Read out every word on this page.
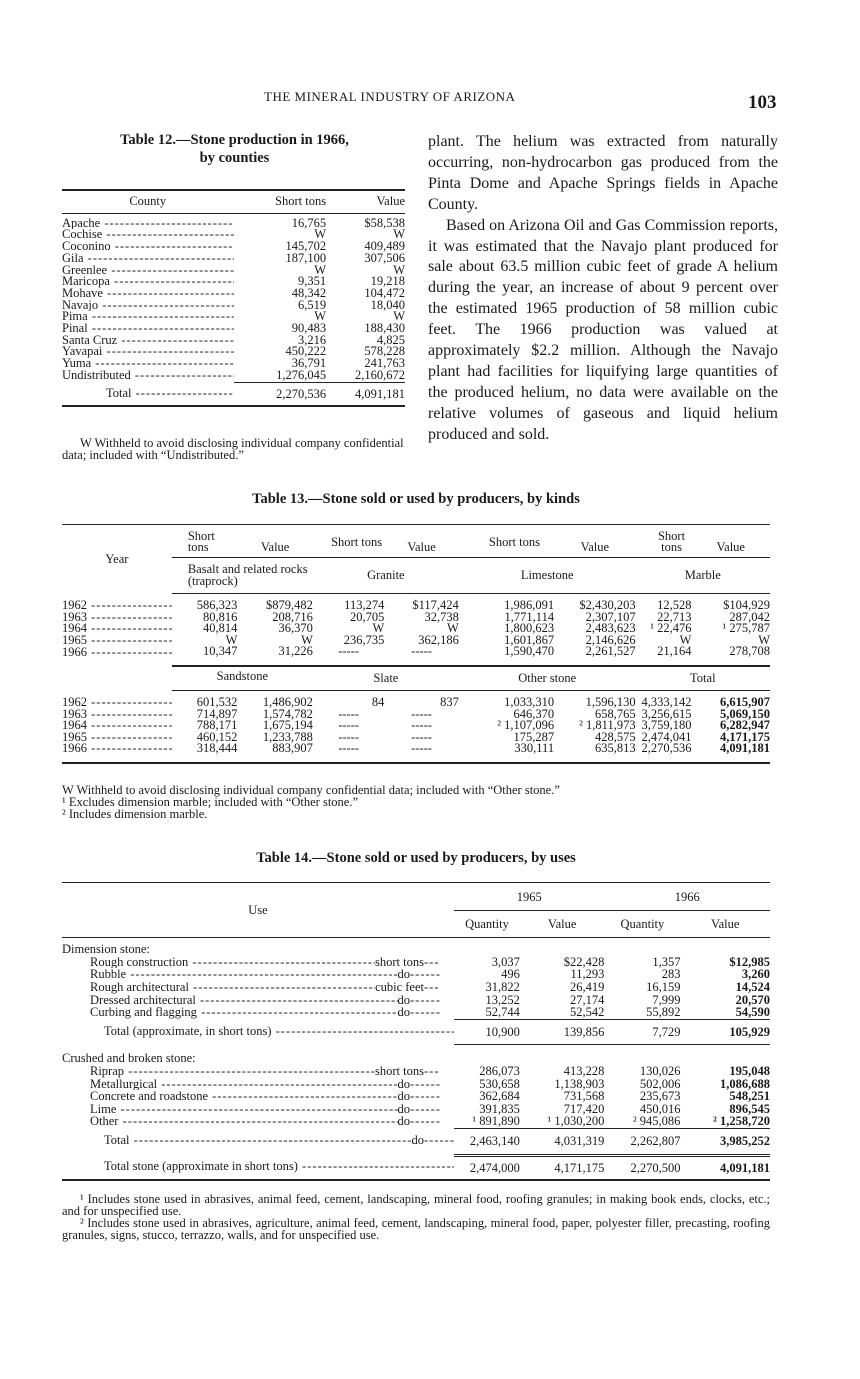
THE MINERAL INDUSTRY OF ARIZONA	103
Table 12.—Stone production in 1966,
by counties
County	Short tons	Value
Apache -----	16,765	$58,538
Cochise -----	W	W
Coconino -----	145,702	409,489
Gila -----	187,100	307,506
Greenlee -----	W	W
Maricopa -----	9,351	19,218
Mohave -----	48,342	104,472
Navajo -----	6,519	18,040
Pima -----	W	W
Pinal -----	90,483	188,430
Santa Cruz -----	3,216	4,825
Yavapai -----	450,222	578,228
Yuma -----	36,791	241,763
Undistributed -----	1,276,045	2,160,672
Total -----	2,270,536	4,091,181

W Withheld to avoid disclosing individual company confidential data; included with “Undistributed.”

plant. The helium was extracted from naturally occurring, non-hydrocarbon gas produced from the Pinta Dome and Apache Springs fields in Apache County.

Based on Arizona Oil and Gas Commission reports, it was estimated that the Navajo plant produced for sale about 63.5 million cubic feet of grade A helium during the year, an increase of about 9 percent over the estimated 1965 production of 58 million cubic feet. The 1966 production was valued at approximately $2.2 million. Although the Navajo plant had facilities for liquifying large quantities of the produced helium, no data were available on the relative volumes of gaseous and liquid helium produced and sold.

Table 13.—Stone sold or used by producers, by kinds
Year	Short tons	Value	Short tons	Value	Short tons	Value	Short tons	Value
	Basalt and related rocks (traprock)		Granite		Limestone		Marble	
1962 -----	586,323	$879,482	113,274	$117,424	1,986,091	$2,430,203	12,528	$104,929
1963 -----	80,816	208,716	20,705	32,738	1,771,114	2,307,107	22,713	287,042
1964 -----	40,814	36,370	W	W	1,800,623	2,483,623	¹ 22,476	¹ 275,787
1965 -----	W	W	236,735	362,186	1,601,867	2,146,626	W	W
1966 -----	10,347	31,226	-----	-----	1,590,470	2,261,527	21,164	278,708

	Sandstone		Slate		Other stone		Total	
1962 -----	601,532	1,486,902	84	837	1,033,310	1,596,130	4,333,142	6,615,907
1963 -----	714,897	1,574,782	-----	-----	646,370	658,765	3,256,615	5,069,150
1964 -----	788,171	1,675,194	-----	-----	² 1,107,096	² 1,811,973	3,759,180	6,282,947
1965 -----	460,152	1,233,788	-----	-----	175,287	428,575	2,474,041	4,171,175
1966 -----	318,444	883,907	-----	-----	330,111	635,813	2,270,536	4,091,181

W Withheld to avoid disclosing individual company confidential data; included with “Other stone.”
¹ Excludes dimension marble; included with “Other stone.”
² Includes dimension marble.
Table 14.—Stone sold or used by producers, by uses
Use	1965		1966	
	Quantity	Value	Quantity	Value
Dimension stone:				

Rough construction -----	short tons -----	3,037	$22,428	1,357	$12,985

Rubble -----	do -----	496	11,293	283	3,260

Rough architectural -----	cubic feet -----	31,822	26,419	16,159	14,524

Dressed architectural -----	do -----	13,252	27,174	7,999	20,570

Curbing and flagging -----	do -----	52,744	52,542	55,892	54,590

Total (approximate, in short tons) -----	10,900	139,856	7,729	105,929
Crushed and broken stone:				

Riprap -----	short tons -----	286,073	413,228	130,026	195,048

Metallurgical -----	do -----	530,658	1,138,903	502,006	1,086,688

Concrete and roadstone -----	do -----	362,684	731,568	235,673	548,251

Lime -----	do -----	391,835	717,420	450,016	896,545

Other -----	do -----	¹ 891,890	¹ 1,030,200	² 945,086	² 1,258,720

Total -----	do -----	2,463,140	4,031,319	2,262,807	3,985,252

Total stone (approximate in short tons) -----	2,474,000	4,171,175	2,270,500	4,091,181

¹ Includes stone used in abrasives, animal feed, cement, landscaping, mineral food, roofing granules; in making book ends, clocks, etc.; and for unspecified use.
² Includes stone used in abrasives, agriculture, animal feed, cement, landscaping, mineral food, paper, polyester filler, precasting, roofing granules, signs, stucco, terrazzo, walls, and for unspecified use.
